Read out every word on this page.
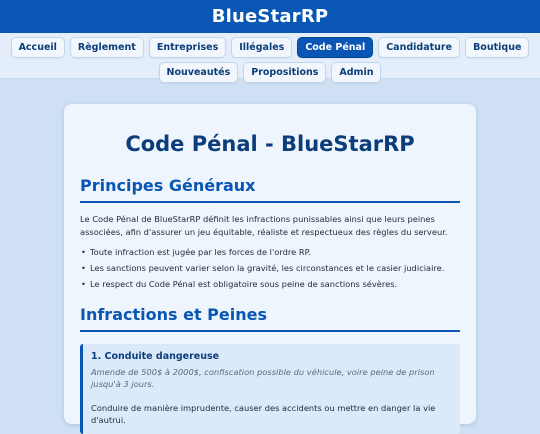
BlueStarRP
Accueil	Règlement	Entreprises	Illégales	Code Pénal	Candidature	Boutique
Nouveautés	Propositions	Admin
Code Pénal - BlueStarRP
Principes Généraux
Le Code Pénal de BlueStarRP définit les infractions punissables ainsi que leurs peines associées, afin d'assurer un jeu équitable, réaliste et respectueux des règles du serveur.
• Toute infraction est jugée par les forces de l'ordre RP.
• Les sanctions peuvent varier selon la gravité, les circonstances et le casier judiciaire.
• Le respect du Code Pénal est obligatoire sous peine de sanctions sévères.
Infractions et Peines
1. Conduite dangereuse
Amende de 500$ à 2000$, confiscation possible du véhicule, voire peine de prison jusqu'à 3 jours.
Conduire de manière imprudente, causer des accidents ou mettre en danger la vie d'autrui.
